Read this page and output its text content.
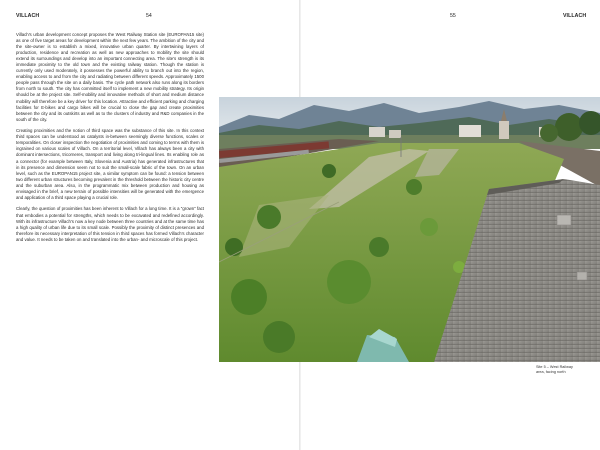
VILLACH	54	55	VILLACH

Villach's urban development concept proposes the West Railway Station site (EUROPAN15 site) as one of five target areas for development within the next few years. The ambition of the city and the site-owner is to establish a mixed, innovative urban quarter. By intertwining layers of production, residence and recreation as well as new approaches to mobility the site should extend its surroundings and develop into an important connecting area. The site's strength is its immediate proximity to the old town and the existing railway station. Though the station is currently only used moderately, it possesses the powerful ability to branch out into the region, enabling access to and from the city and radiating between different speeds. Approximately 1500 people pass through the site on a daily basis. The cycle path network also runs along its borders from north to south. The city has committed itself to implement a new mobility strategy. Its origin should be at the project site. Self-mobility and innovative methods of short and medium distance mobility will therefore be a key driver for this location. Attractive and efficient parking and charging facilities for E-bikes and cargo bikes will be crucial to close the gap and create proximities between the city and its outskirts as well as to the clusters of industry and R&D companies in the south of the city.

Creating proximities and the notion of third space was the substance of this site. In this context third spaces can be understood as catalysts in-between seemingly diverse functions, scales or temporalities. On closer inspection the negotiation of proximities and coming to terms with them is ingrained on various scales of Villach. On a territorial level, Villach has always been a city with dominant intersections, tricorneres, transport and living along tri-lingual lines. Its enabling role as a connector (for example between Italy, Slovenia and Austria) has generated infrastructures that in its presence and dimension seem not to suit the small-scale fabric of the town. On an urban level, such as the EUROPAN15 project site, a similar symptom can be found: a tension between two different urban structures becoming prevalent in the threshold between the historic city centre and the suburban area. Also, in the programmatic mix between production and housing as envisaged in the brief, a new terrain of possible intensities will be generated with the emergence and application of a third space playing a crucial role.

Clearly, the question of proximities has been inherent to Villach for a long time. It is a "grown" fact that embodies a potential for strengths, which needs to be excavated and redefined accordingly. With its infrastructure Villach's now a key node between three countries and at the same time has a high quality of urban life due to its small scale. Possibly the proximity of distinct presences and therefore its necessary interpretation of this tension in third spaces has formed Villach's character and value. It needs to be taken on and translated into the urban- and microscale of this project.

Site 5 – West Railway
area, facing north
